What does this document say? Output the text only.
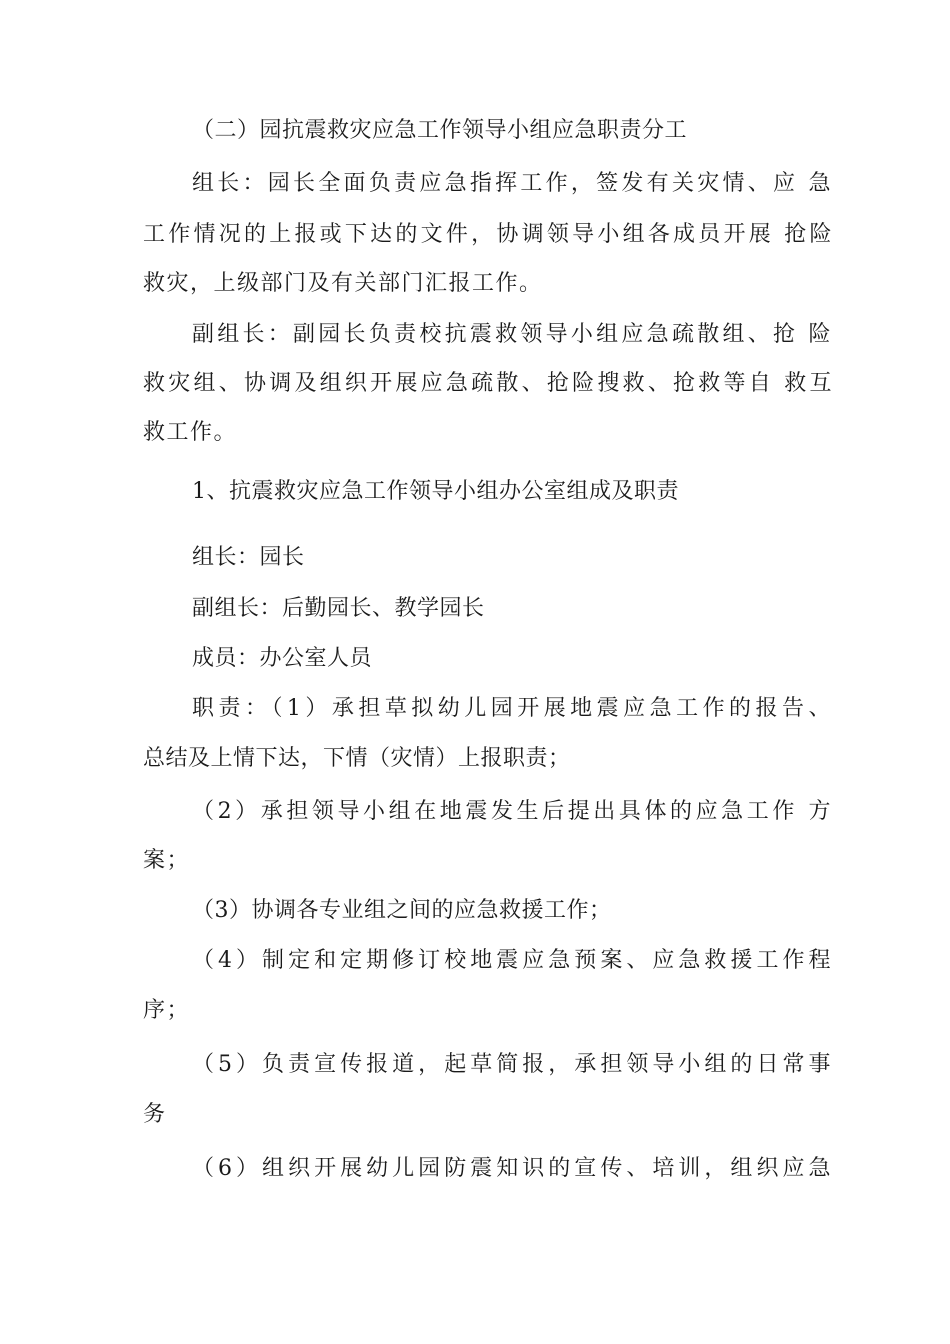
（二）园抗震救灾应急工作领导小组应急职责分工
组长：园长全面负责应急指挥工作，签发有关灾情、应 急
工作情况的上报或下达的文件，协调领导小组各成员开展 抢险
救灾，上级部门及有关部门汇报工作。
副组长：副园长负责校抗震救领导小组应急疏散组、抢 险
救灾组、协调及组织开展应急疏散、抢险搜救、抢救等自 救互
救工作。
1、抗震救灾应急工作领导小组办公室组成及职责
组长：园长
副组长：后勤园长、教学园长
成员：办公室人员
职责：（1）承担草拟幼儿园开展地震应急工作的报告、
总结及上情下达，下情（灾情）上报职责；
（2）承担领导小组在地震发生后提出具体的应急工作 方
案；
（3）协调各专业组之间的应急救援工作；
（4）制定和定期修订校地震应急预案、应急救援工作程
序；
（5）负责宣传报道，起草简报，承担领导小组的日常事
务
（6）组织开展幼儿园防震知识的宣传、培训，组织应急
